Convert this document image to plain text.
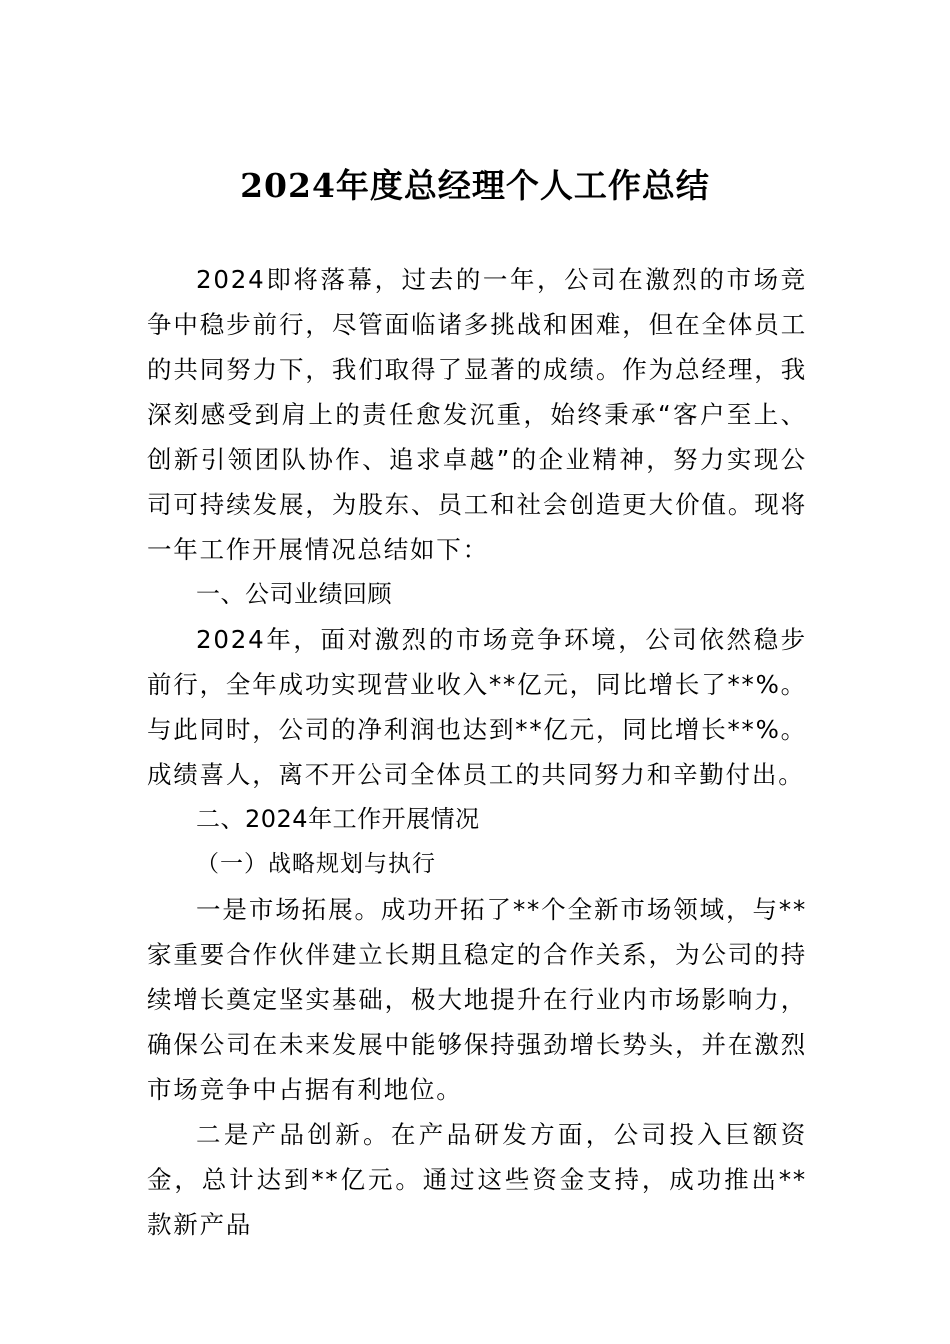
2024年度总经理个人工作总结

2024即将落幕，过去的一年，公司在激烈的市场竞争中稳步前行，尽管面临诸多挑战和困难，但在全体员工的共同努力下，我们取得了显著的成绩。作为总经理，我深刻感受到肩上的责任愈发沉重，始终秉承“客户至上、创新引领团队协作、追求卓越”的企业精神，努力实现公司可持续发展，为股东、员工和社会创造更大价值。现将一年工作开展情况总结如下：

一、公司业绩回顾

2024年，面对激烈的市场竞争环境，公司依然稳步前行，全年成功实现营业收入**亿元，同比增长了**%。与此同时，公司的净利润也达到**亿元，同比增长**%。成绩喜人，离不开公司全体员工的共同努力和辛勤付出。

二、2024年工作开展情况

（一）战略规划与执行

一是市场拓展。成功开拓了**个全新市场领域，与**家重要合作伙伴建立长期且稳定的合作关系，为公司的持续增长奠定坚实基础，极大地提升在行业内市场影响力，确保公司在未来发展中能够保持强劲增长势头，并在激烈市场竞争中占据有利地位。

二是产品创新。在产品研发方面，公司投入巨额资金，总计达到**亿元。通过这些资金支持，成功推出**款新产品
